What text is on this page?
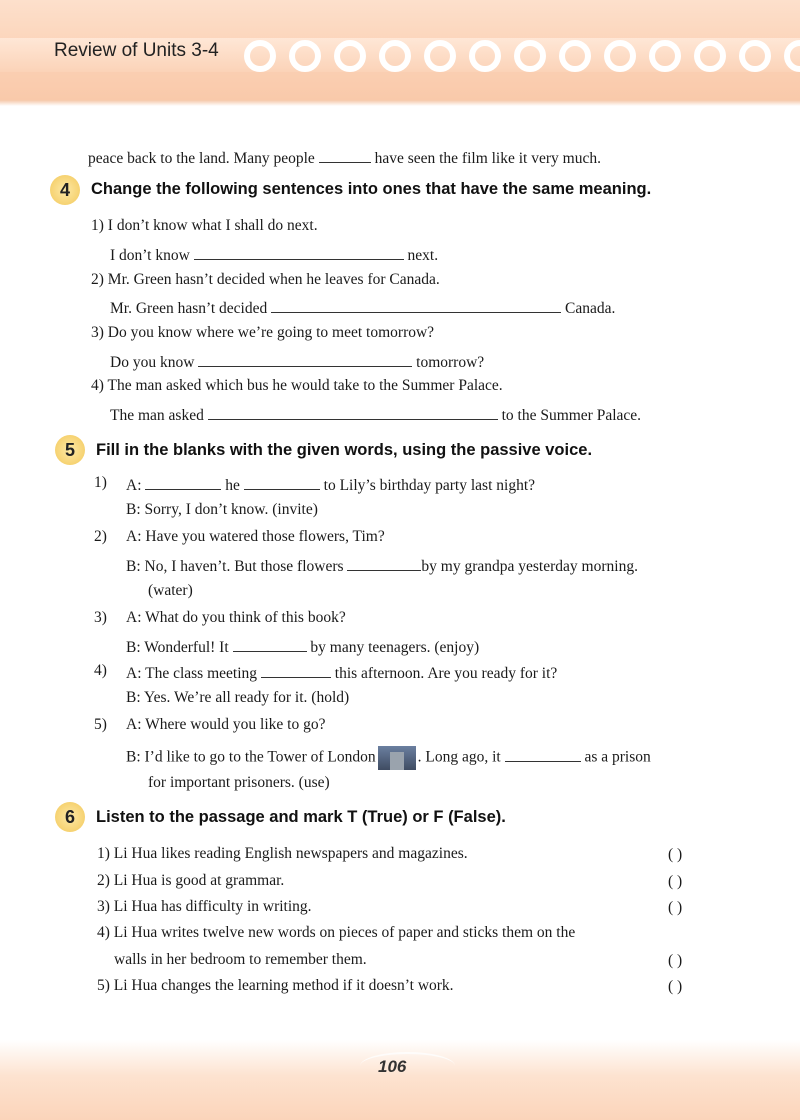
Review of Units 3-4
peace back to the land. Many people	have seen the film like it very much.
4	Change the following sentences into ones that have the same meaning.
1) I don’t know what I shall do next.
I don’t know	next.
2) Mr. Green hasn’t decided when he leaves for Canada.
Mr. Green hasn’t decided	Canada.
3) Do you know where we’re going to meet tomorrow?
Do you know	tomorrow?
4) The man asked which bus he would take to the Summer Palace.
The man asked	to the Summer Palace.
5	Fill in the blanks with the given words, using the passive voice.
1) A:	he	to Lily’s birthday party last night?
B: Sorry, I don’t know. (invite)
2) A: Have you watered those flowers, Tim?
B: No, I haven’t. But those flowers	by my grandpa yesterday morning.
(water)
3) A: What do you think of this book?
B: Wonderful! It	by many teenagers. (enjoy)
4) A: The class meeting	this afternoon. Are you ready for it?
B: Yes. We’re all ready for it. (hold)
5) A: Where would you like to go?
B: I’d like to go to the Tower of London	. Long ago, it	as a prison
for important prisoners. (use)
6	Listen to the passage and mark T (True) or F (False).
1) Li Hua likes reading English newspapers and magazines.	( )
2) Li Hua is good at grammar.	( )
3) Li Hua has difficulty in writing.	( )
4) Li Hua writes twelve new words on pieces of paper and sticks them on the
walls in her bedroom to remember them.	( )
5) Li Hua changes the learning method if it doesn’t work.	( )
106
